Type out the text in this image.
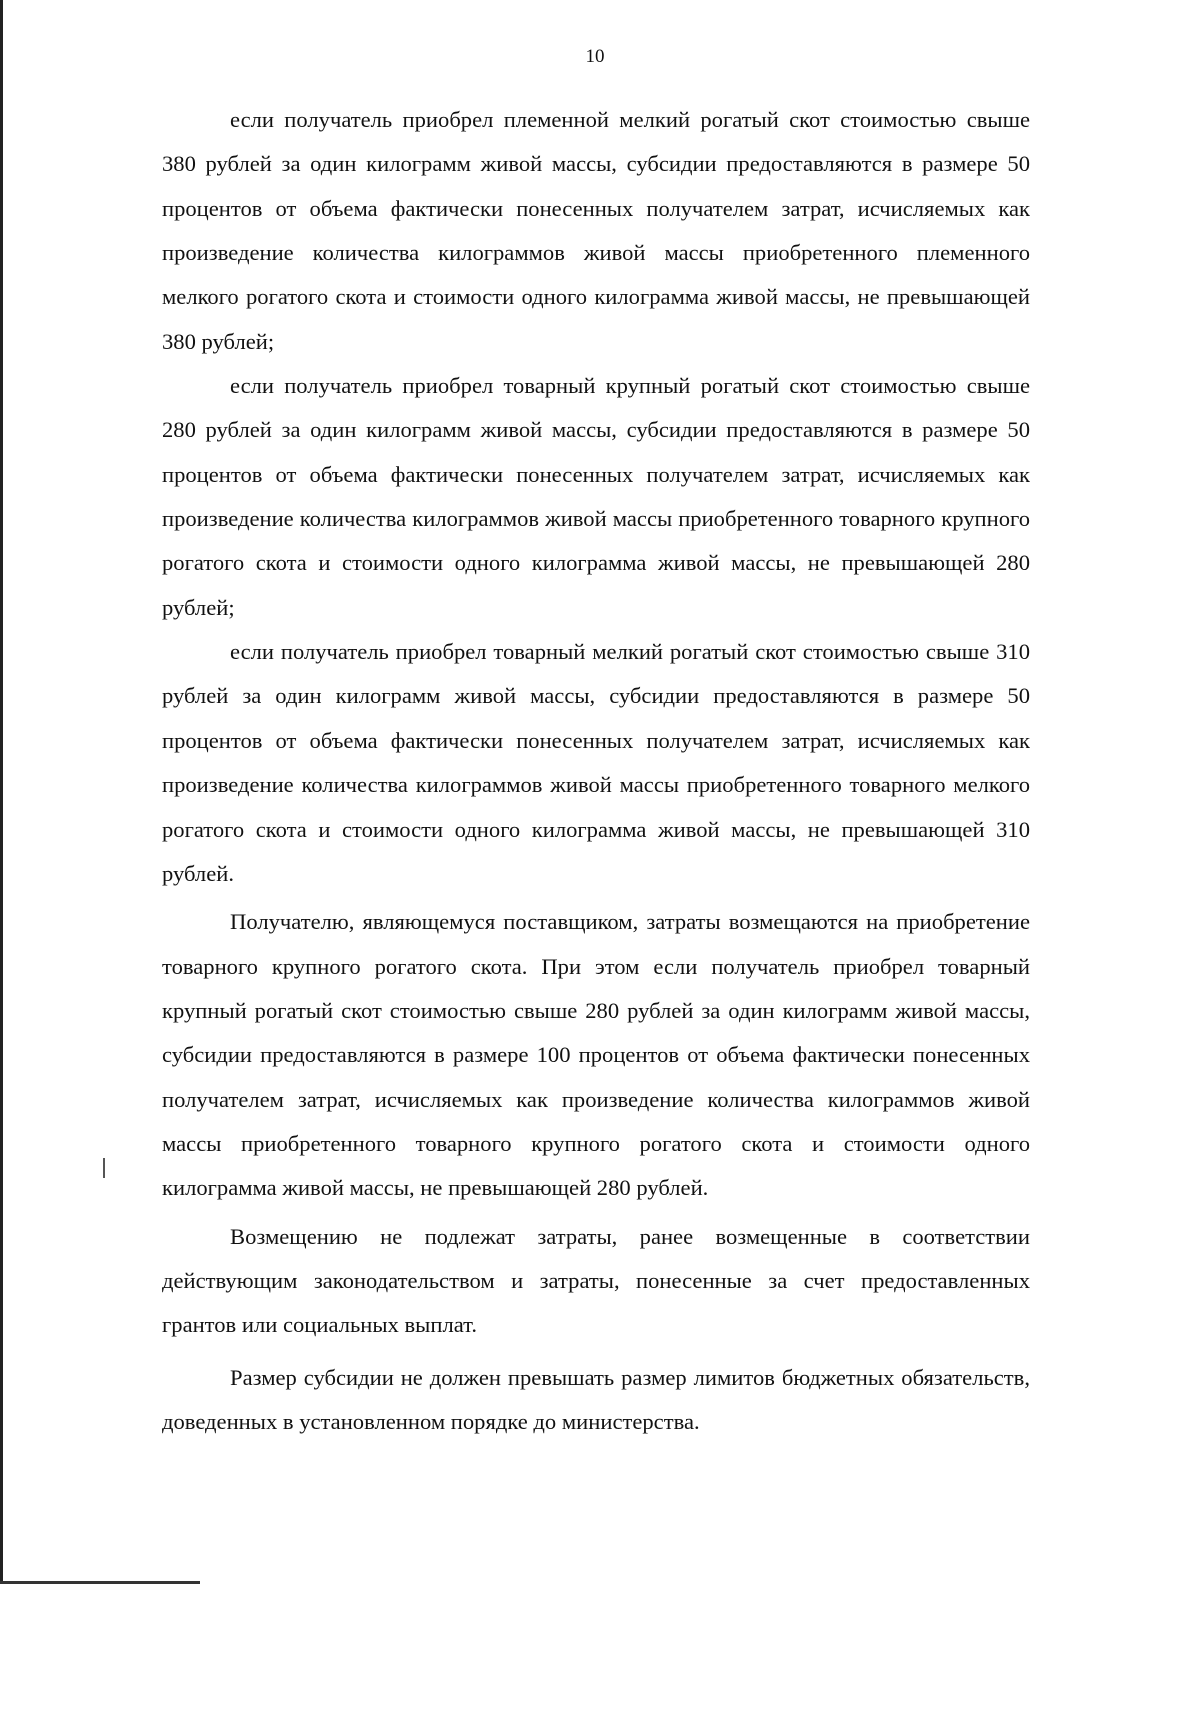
10

если получатель приобрел племенной мелкий рогатый скот стоимостью свыше 380 рублей за один килограмм живой массы, субсидии предоставляются в размере 50 процентов от объема фактически понесенных получателем затрат, исчисляемых как произведение количества килограммов живой массы приобретенного племенного мелкого рогатого скота и стоимости одного килограмма живой массы, не превышающей 380 рублей;

если получатель приобрел товарный крупный рогатый скот стоимостью свыше 280 рублей за один килограмм живой массы, субсидии предоставляются в размере 50 процентов от объема фактически понесенных получателем затрат, исчисляемых как произведение количества килограммов живой массы приобретенного товарного крупного рогатого скота и стоимости одного килограмма живой массы, не превышающей 280 рублей;

если получатель приобрел товарный мелкий рогатый скот стоимостью свыше 310 рублей за один килограмм живой массы, субсидии предоставляются в размере 50 процентов от объема фактически понесенных получателем затрат, исчисляемых как произведение количества килограммов живой массы приобретенного товарного мелкого рогатого скота и стоимости одного килограмма живой массы, не превышающей 310 рублей.

Получателю, являющемуся поставщиком, затраты возмещаются на приобретение товарного крупного рогатого скота. При этом если получатель приобрел товарный крупный рогатый скот стоимостью свыше 280 рублей за один килограмм живой массы, субсидии предоставляются в размере 100 процентов от объема фактически понесенных получателем затрат, исчисляемых как произведение количества килограммов живой массы приобретенного товарного крупного рогатого скота и стоимости одного килограмма живой массы, не превышающей 280 рублей.

Возмещению не подлежат затраты, ранее возмещенные в соответствии действующим законодательством и затраты, понесенные за счет предоставленных грантов или социальных выплат.

Размер субсидии не должен превышать размер лимитов бюджетных обязательств, доведенных в установленном порядке до министерства.
